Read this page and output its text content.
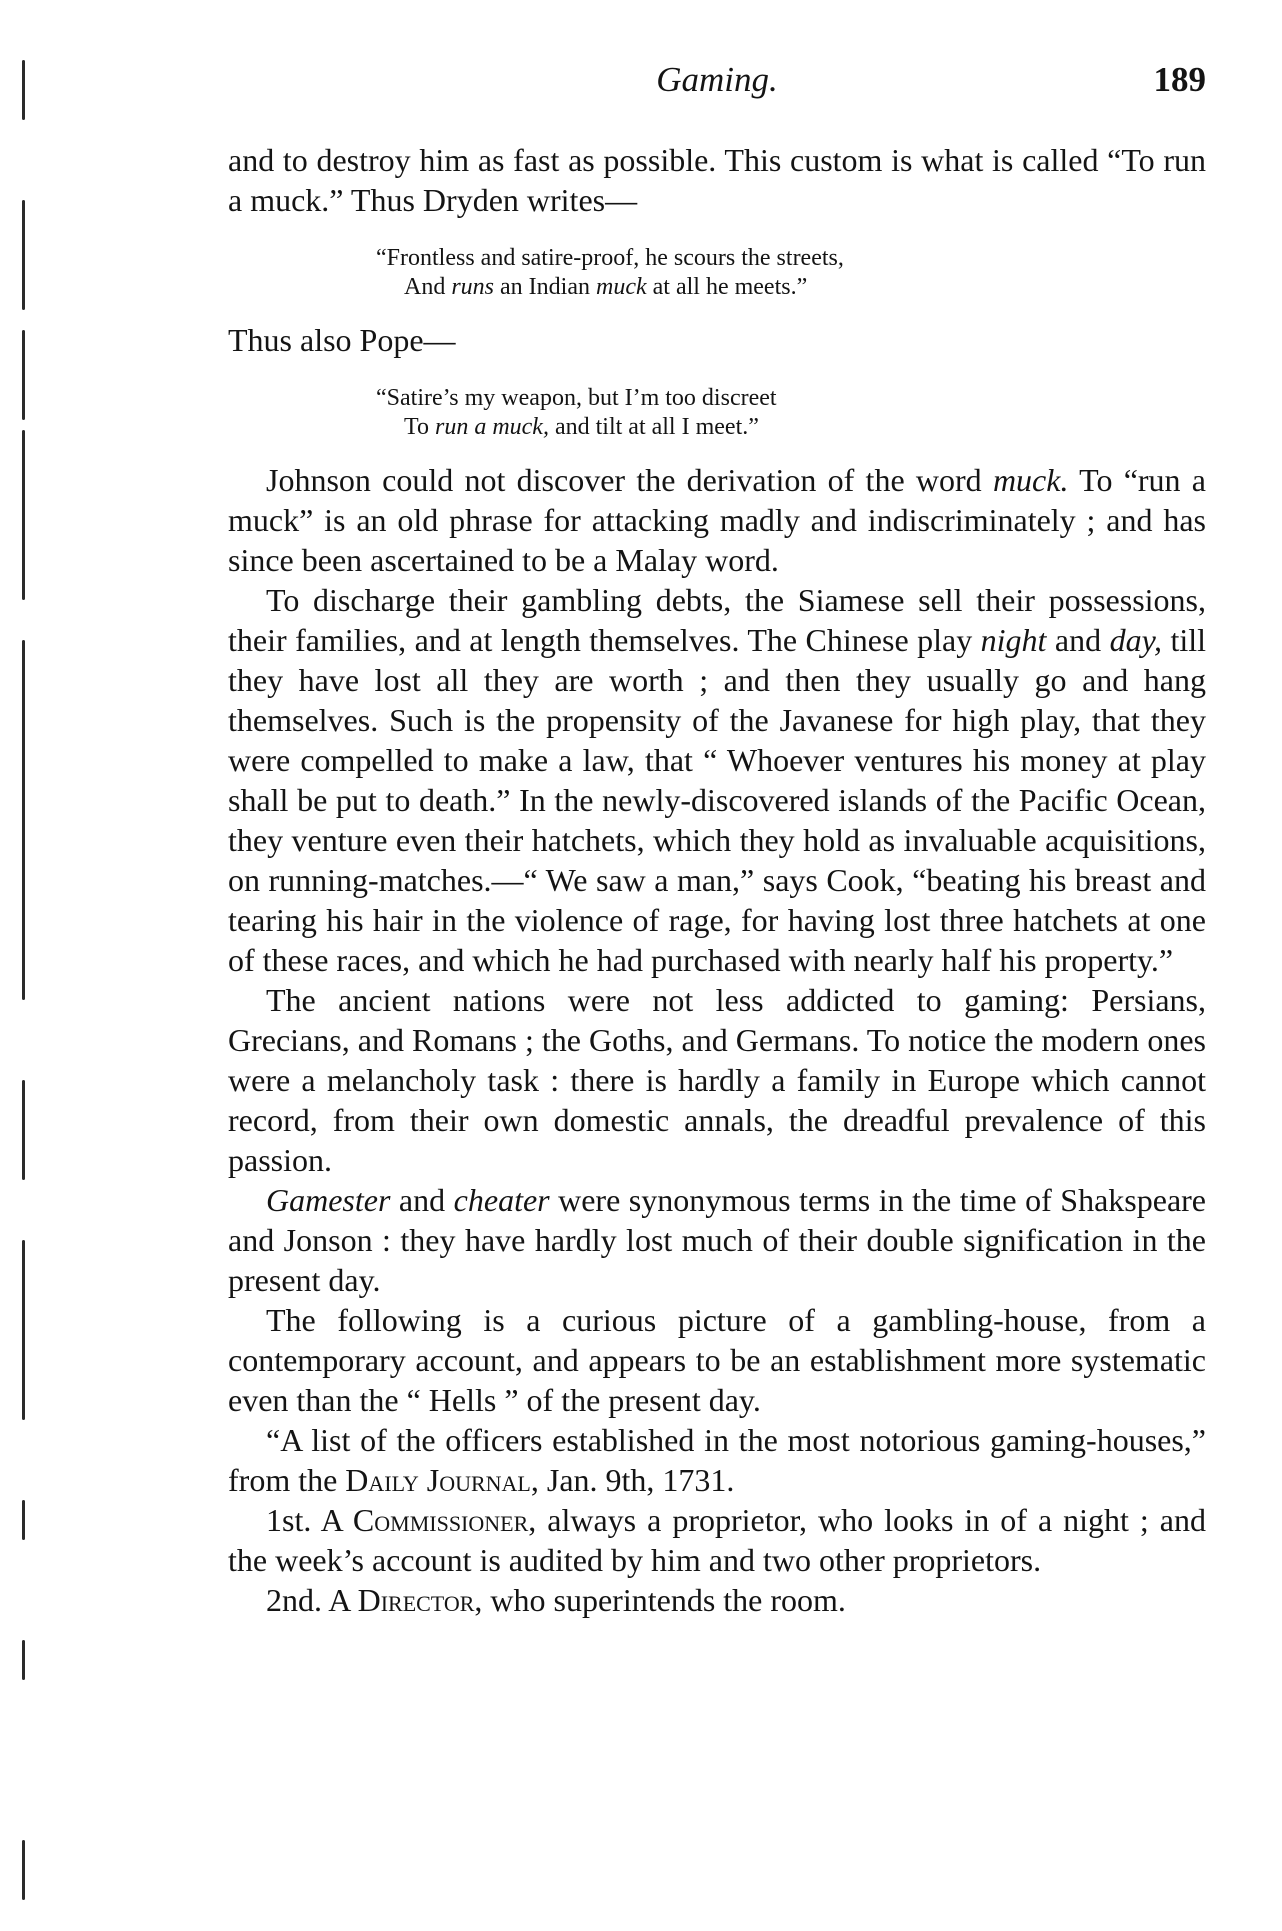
Gaming.	189

and to destroy him as fast as possible. This custom is what is called “To run a muck.” Thus Dryden writes—

“Frontless and satire-proof, he scours the streets,
And runs an Indian muck at all he meets.”

Thus also Pope—

“Satire’s my weapon, but I’m too discreet
To run a muck, and tilt at all I meet.”

Johnson could not discover the derivation of the word muck. To “run a muck” is an old phrase for attacking madly and indiscriminately ; and has since been ascertained to be a Malay word.

To discharge their gambling debts, the Siamese sell their possessions, their families, and at length themselves. The Chinese play night and day, till they have lost all they are worth ; and then they usually go and hang themselves. Such is the propensity of the Javanese for high play, that they were compelled to make a law, that “ Whoever ventures his money at play shall be put to death.” In the newly-discovered islands of the Pacific Ocean, they venture even their hatchets, which they hold as invaluable acquisitions, on running-matches.—“ We saw a man,” says Cook, “beating his breast and tearing his hair in the violence of rage, for having lost three hatchets at one of these races, and which he had purchased with nearly half his property.”

The ancient nations were not less addicted to gaming: Persians, Grecians, and Romans ; the Goths, and Germans. To notice the modern ones were a melancholy task : there is hardly a family in Europe which cannot record, from their own domestic annals, the dreadful prevalence of this passion.

Gamester and cheater were synonymous terms in the time of Shakspeare and Jonson : they have hardly lost much of their double signification in the present day.

The following is a curious picture of a gambling-house, from a contemporary account, and appears to be an establishment more systematic even than the “ Hells ” of the present day.

“A list of the officers established in the most notorious gaming-houses,” from the Daily Journal, Jan. 9th, 1731.

1st. A Commissioner, always a proprietor, who looks in of a night ; and the week’s account is audited by him and two other proprietors.

2nd. A Director, who superintends the room.
